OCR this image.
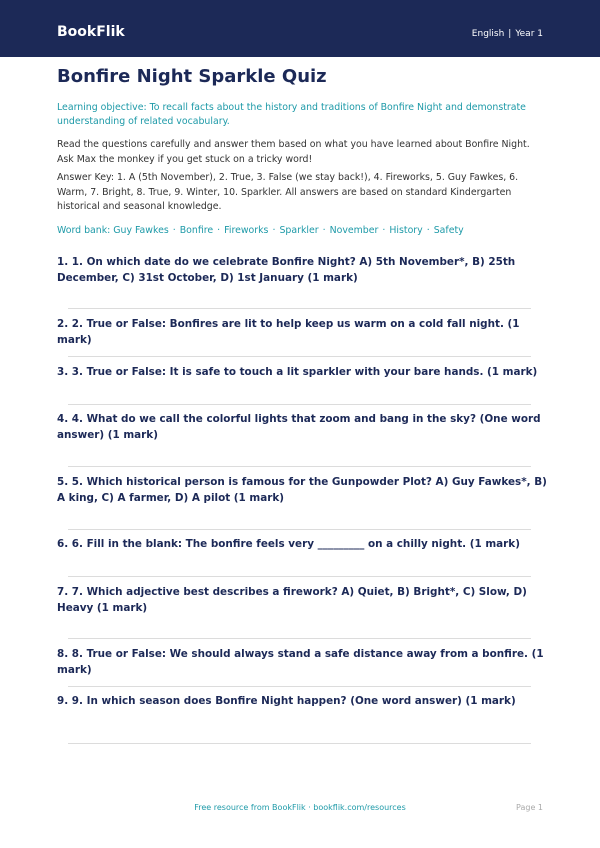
BookFlik	English | Year 1
Bonfire Night Sparkle Quiz
Learning objective: To recall facts about the history and traditions of Bonfire Night and demonstrate understanding of related vocabulary.
Read the questions carefully and answer them based on what you have learned about Bonfire Night. Ask Max the monkey if you get stuck on a tricky word!
Answer Key: 1. A (5th November), 2. True, 3. False (we stay back!), 4. Fireworks, 5. Guy Fawkes, 6. Warm, 7. Bright, 8. True, 9. Winter, 10. Sparkler. All answers are based on standard Kindergarten historical and seasonal knowledge.
Word bank: Guy Fawkes · Bonfire · Fireworks · Sparkler · November · History · Safety
1. 1. On which date do we celebrate Bonfire Night? A) 5th November*, B) 25th December, C) 31st October, D) 1st January (1 mark)
2. 2. True or False: Bonfires are lit to help keep us warm on a cold fall night. (1 mark)
3. 3. True or False: It is safe to touch a lit sparkler with your bare hands. (1 mark)
4. 4. What do we call the colorful lights that zoom and bang in the sky? (One word answer) (1 mark)
5. 5. Which historical person is famous for the Gunpowder Plot? A) Guy Fawkes*, B) A king, C) A farmer, D) A pilot (1 mark)
6. 6. Fill in the blank: The bonfire feels very _________ on a chilly night. (1 mark)
7. 7. Which adjective best describes a firework? A) Quiet, B) Bright*, C) Slow, D) Heavy (1 mark)
8. 8. True or False: We should always stand a safe distance away from a bonfire. (1 mark)
9. 9. In which season does Bonfire Night happen? (One word answer) (1 mark)
Free resource from BookFlik · bookflik.com/resources	Page 1
